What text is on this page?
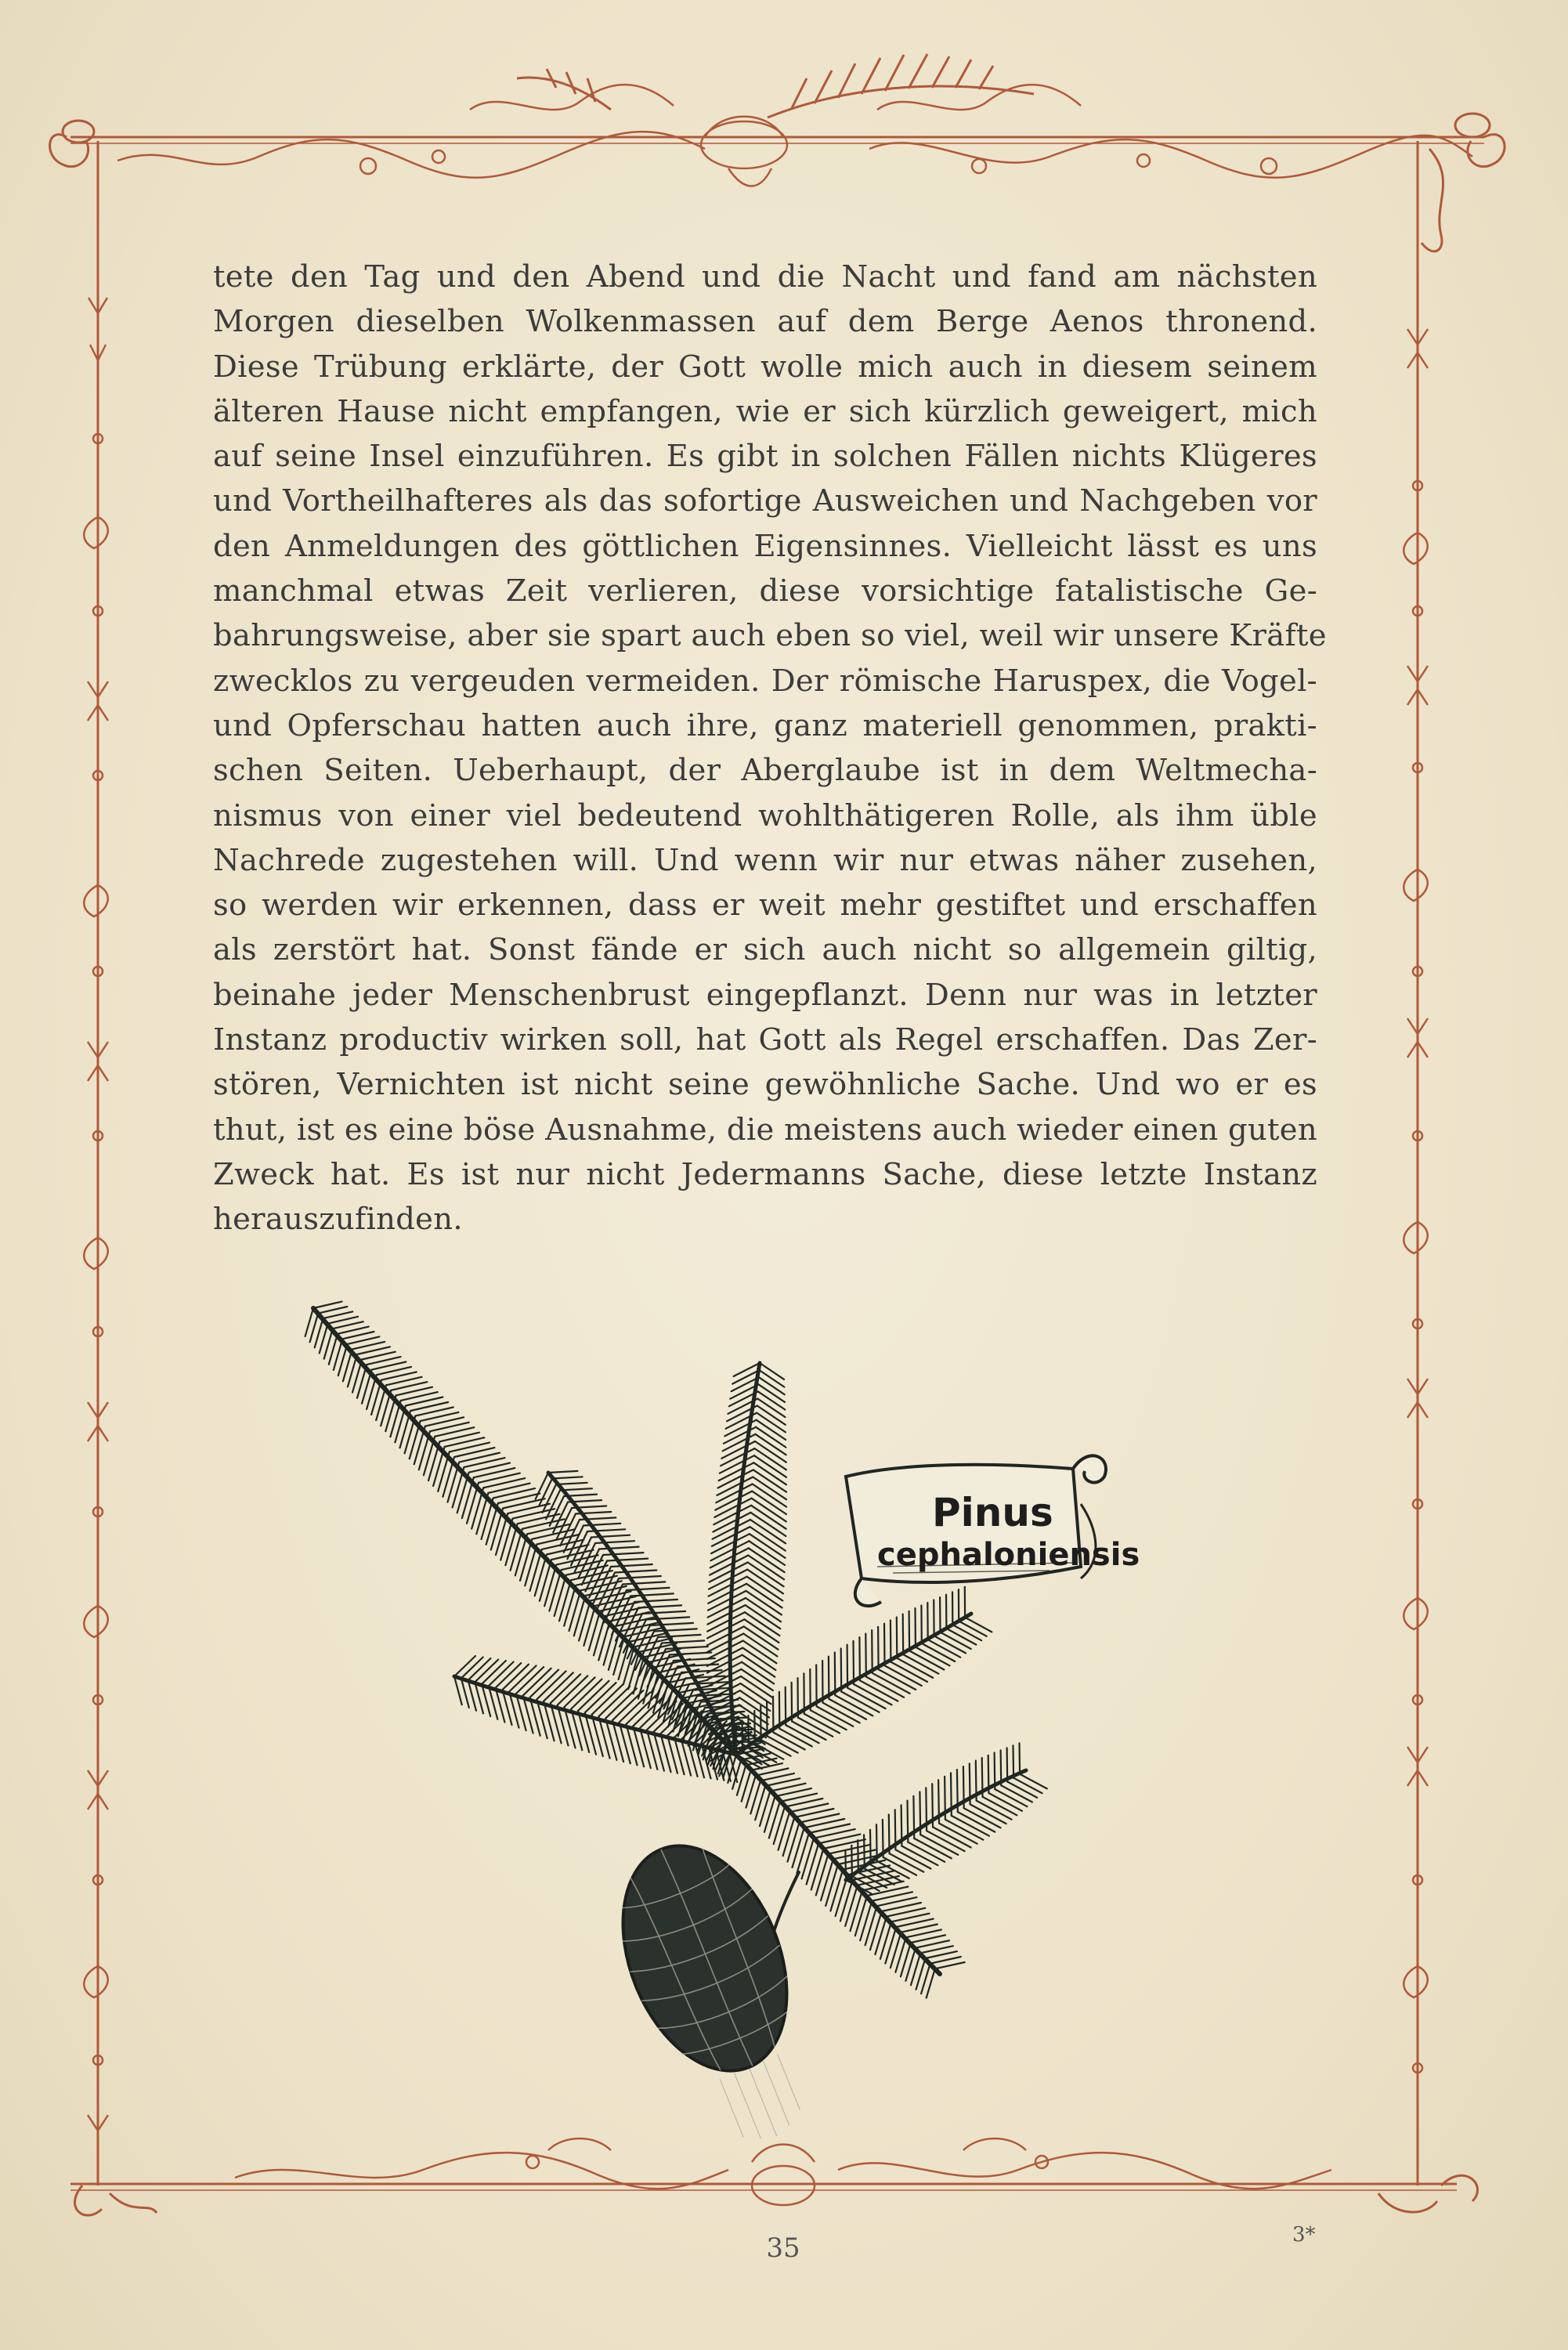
tete den Tag und den Abend und die Nacht und fand am nächsten
Morgen dieselben Wolkenmassen auf dem Berge Aenos thronend.
Diese Trübung erklärte, der Gott wolle mich auch in diesem seinem
älteren Hause nicht empfangen, wie er sich kürzlich geweigert, mich
auf seine Insel einzuführen. Es gibt in solchen Fällen nichts Klügeres
und Vortheilhafteres als das sofortige Ausweichen und Nachgeben vor
den Anmeldungen des göttlichen Eigensinnes. Vielleicht lässt es uns
manchmal etwas Zeit verlieren, diese vorsichtige fatalistische Ge-
bahrungsweise, aber sie spart auch eben so viel, weil wir unsere Kräfte
zwecklos zu vergeuden vermeiden. Der römische Haruspex, die Vogel-
und Opferschau hatten auch ihre, ganz materiell genommen, prakti-
schen Seiten. Ueberhaupt, der Aberglaube ist in dem Weltmecha-
nismus von einer viel bedeutend wohlthätigeren Rolle, als ihm üble
Nachrede zugestehen will. Und wenn wir nur etwas näher zusehen,
so werden wir erkennen, dass er weit mehr gestiftet und erschaffen
als zerstört hat. Sonst fände er sich auch nicht so allgemein giltig,
beinahe jeder Menschenbrust eingepflanzt. Denn nur was in letzter
Instanz productiv wirken soll, hat Gott als Regel erschaffen. Das Zer-
stören, Vernichten ist nicht seine gewöhnliche Sache. Und wo er es
thut, ist es eine böse Ausnahme, die meistens auch wieder einen guten
Zweck hat. Es ist nur nicht Jedermanns Sache, diese letzte Instanz
herauszufinden.
Pinus
cephaloniensis
35	3*
